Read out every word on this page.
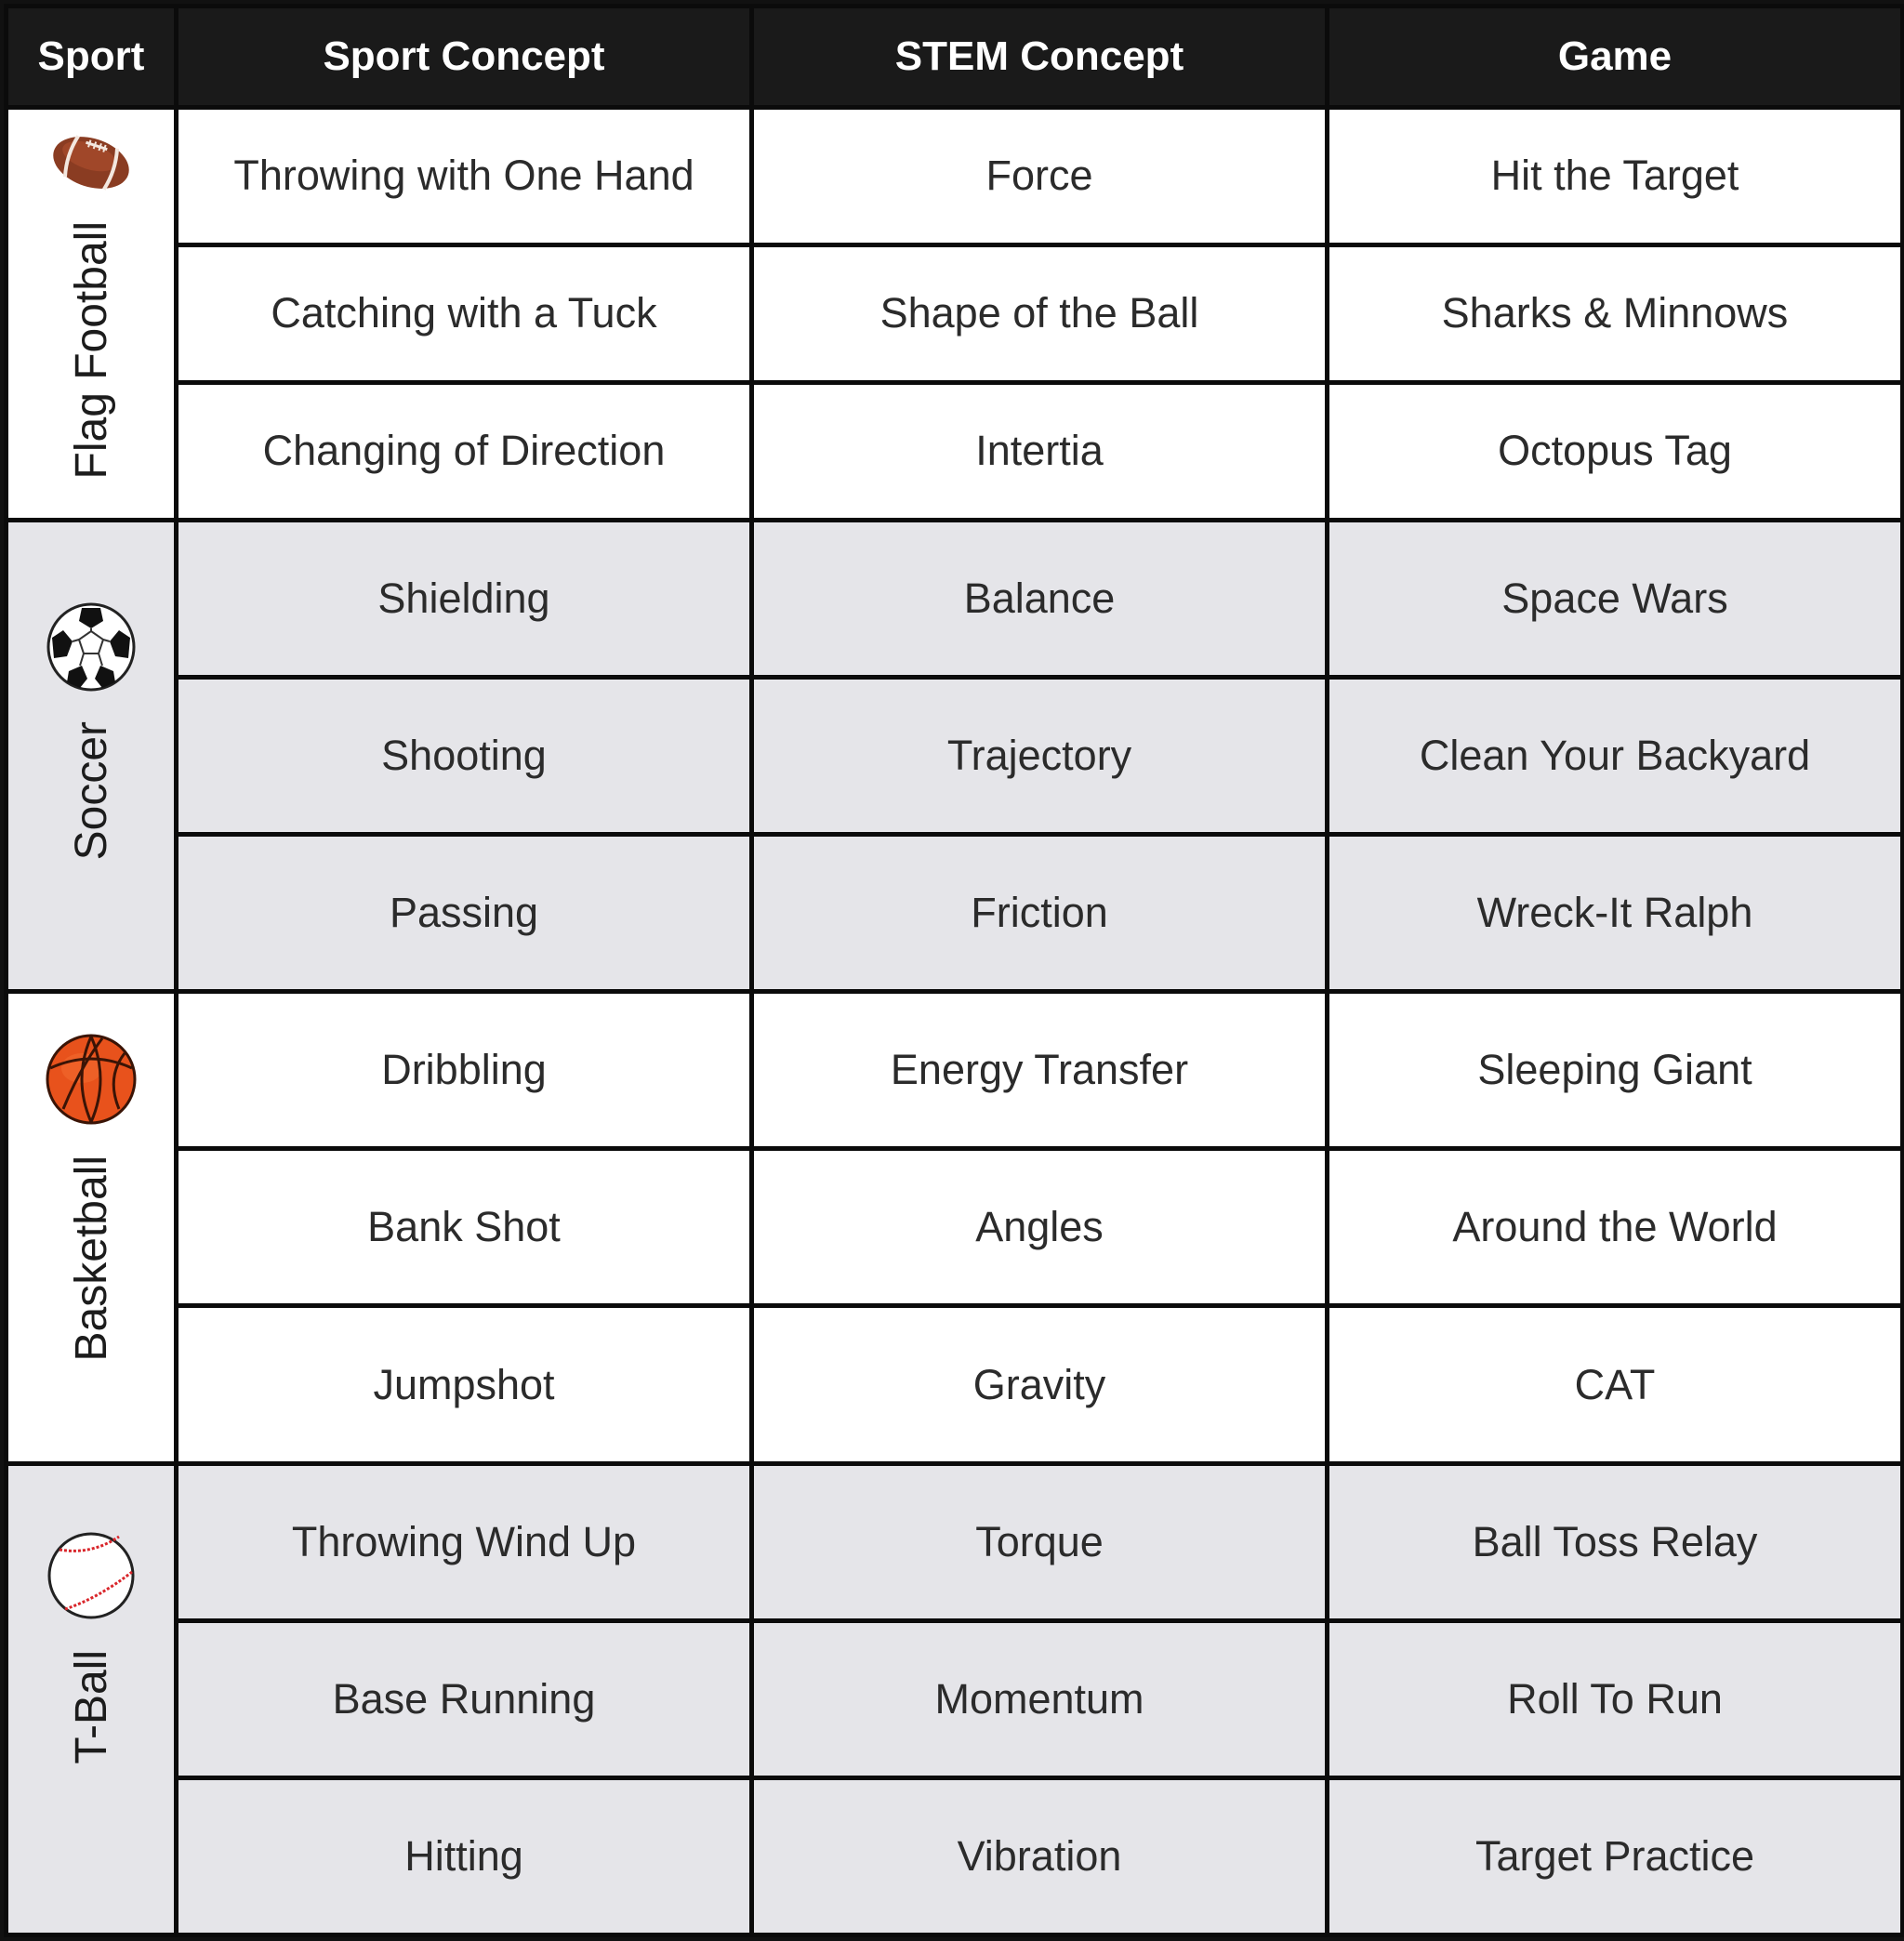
Sport	Sport Concept	STEM Concept	Game

Flag Football	Throwing with One Hand	Force	Hit the Target
	Catching with a Tuck	Shape of the Ball	Sharks & Minnows
	Changing of Direction	Intertia	Octopus Tag

Soccer	Shielding	Balance	Space Wars
	Shooting	Trajectory	Clean Your Backyard
	Passing	Friction	Wreck-It Ralph

Basketball	Dribbling	Energy Transfer	Sleeping Giant
	Bank Shot	Angles	Around the World
	Jumpshot	Gravity	CAT

T-Ball	Throwing Wind Up	Torque	Ball Toss Relay
	Base Running	Momentum	Roll To Run
	Hitting	Vibration	Target Practice
